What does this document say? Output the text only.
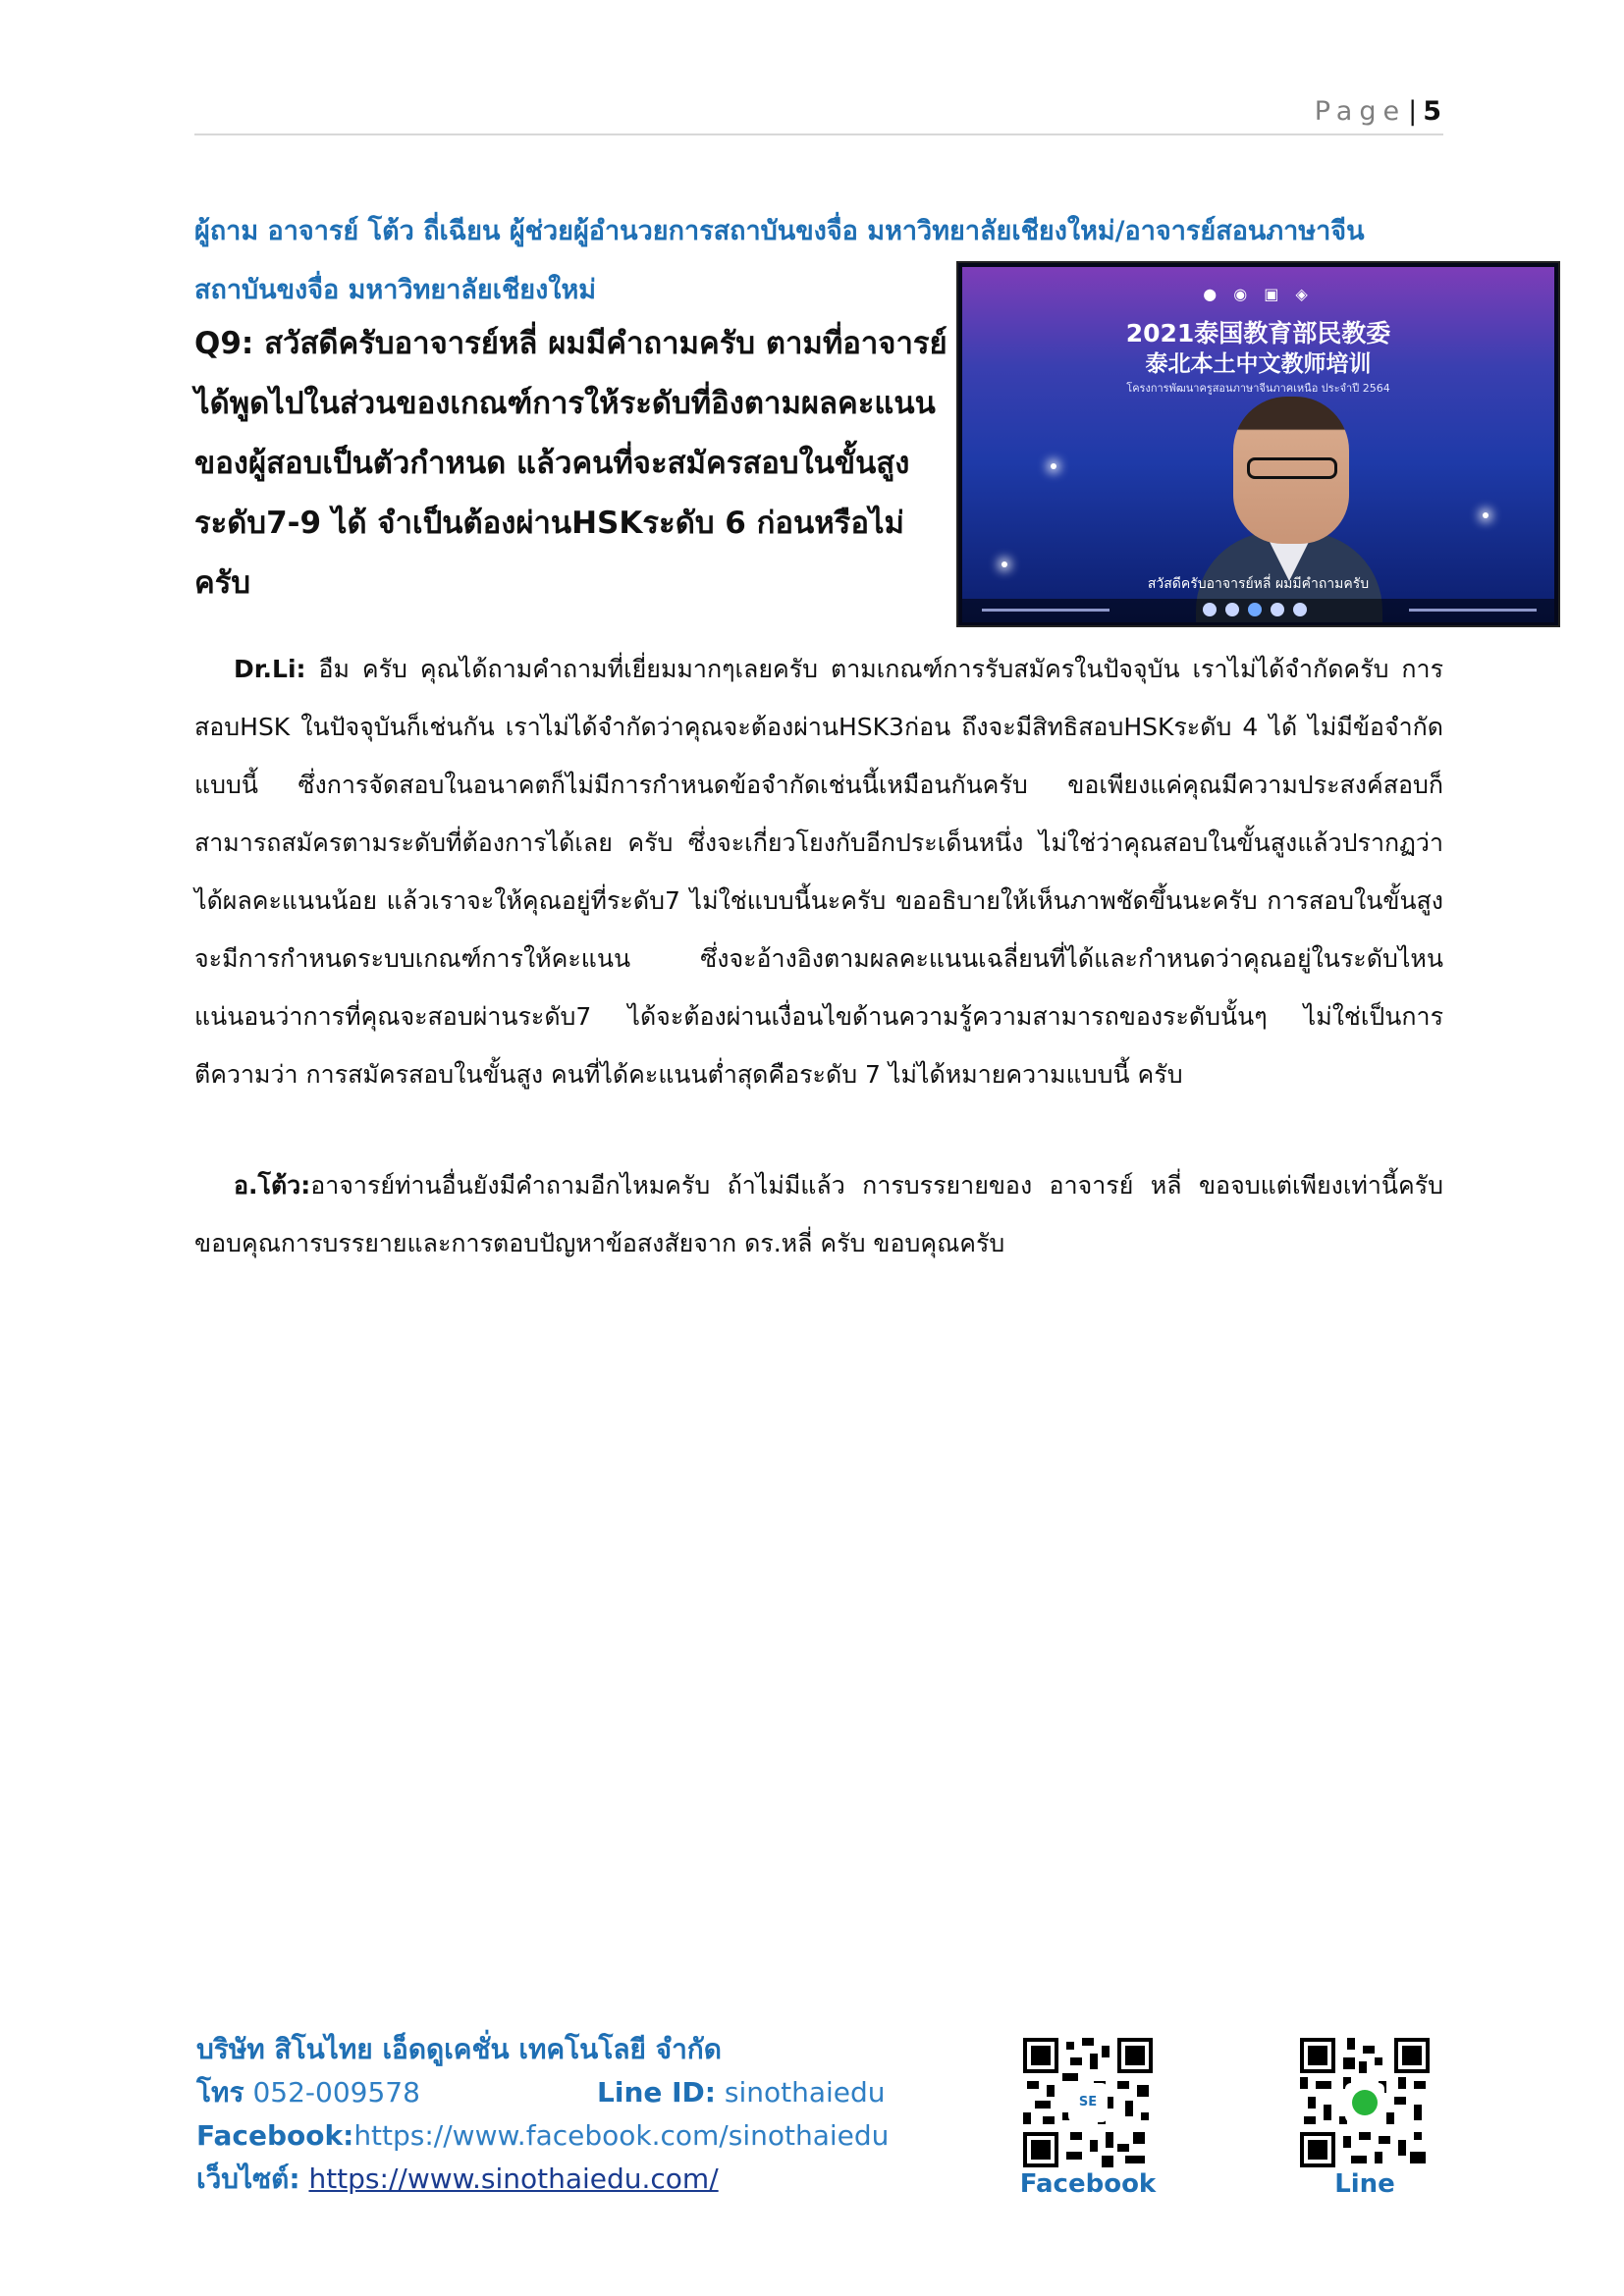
Page| 5
ผู้ถาม อาจารย์ โต้ว ถี่เฉียน ผู้ช่วยผู้อำนวยการสถาบันขงจื่อ มหาวิทยาลัยเชียงใหม่/อาจารย์สอนภาษาจีนสถาบันขงจื่อ มหาวิทยาลัยเชียงใหม่
Q9: สวัสดีครับอาจารย์หลี่ ผมมีคำถามครับ ตามที่อาจารย์ได้พูดไปในส่วนของเกณฑ์การให้ระดับที่อิงตามผลคะแนนของผู้สอบเป็นตัวกำหนด แล้วคนที่จะสมัครสอบในขั้นสูงระดับ7-9 ได้ จำเป็นต้องผ่านHSKระดับ 6 ก่อนหรือไม่ ครับ
● ◉ ▣ ◈
2021泰国教育部民教委
泰北本土中文教师培训
โครงการพัฒนาครูสอนภาษาจีนภาคเหนือ ประจำปี 2564
สวัสดีครับอาจารย์หลี่ ผมมีคำถามครับ
Dr.Li: อืม ครับ คุณได้ถามคำถามที่เยี่ยมมากๆเลยครับ ตามเกณฑ์การรับสมัครในปัจจุบัน เราไม่ได้จำกัดครับ การสอบHSK ในปัจจุบันก็เช่นกัน เราไม่ได้จำกัดว่าคุณจะต้องผ่านHSK3ก่อน ถึงจะมีสิทธิสอบHSKระดับ 4 ได้ ไม่มีข้อจำกัดแบบนี้ ซึ่งการจัดสอบในอนาคตก็ไม่มีการกำหนดข้อจำกัดเช่นนี้เหมือนกันครับ ขอเพียงแค่คุณมีความประสงค์สอบก็สามารถสมัครตามระดับที่ต้องการได้เลย ครับ ซึ่งจะเกี่ยวโยงกับอีกประเด็นหนึ่ง ไม่ใช่ว่าคุณสอบในขั้นสูงแล้วปรากฏว่าได้ผลคะแนนน้อย แล้วเราจะให้คุณอยู่ที่ระดับ7 ไม่ใช่แบบนี้นะครับ ขออธิบายให้เห็นภาพชัดขึ้นนะครับ การสอบในขั้นสูงจะมีการกำหนดระบบเกณฑ์การให้คะแนน ซึ่งจะอ้างอิงตามผลคะแนนเฉลี่ยนที่ได้และกำหนดว่าคุณอยู่ในระดับไหน แน่นอนว่าการที่คุณจะสอบผ่านระดับ7 ได้จะต้องผ่านเงื่อนไขด้านความรู้ความสามารถของระดับนั้นๆ ไม่ใช่เป็นการตีความว่า การสมัครสอบในขั้นสูง คนที่ได้คะแนนต่ำสุดคือระดับ 7 ไม่ได้หมายความแบบนี้ ครับ
อ.โต้ว:อาจารย์ท่านอื่นยังมีคำถามอีกไหมครับ ถ้าไม่มีแล้ว การบรรยายของ อาจารย์ หลี่ ขอจบแต่เพียงเท่านี้ครับ ขอบคุณการบรรยายและการตอบปัญหาข้อสงสัยจาก ดร.หลี่ ครับ ขอบคุณครับ
บริษัท สิโนไทย เอ็ดดูเคชั่น เทคโนโลยี จำกัด
โทร 052-009578	Line ID: sinothaiedu
Facebook:https://www.facebook.com/sinothaiedu
เว็บไซต์: https://www.sinothaiedu.com/
SE
Facebook	Line
